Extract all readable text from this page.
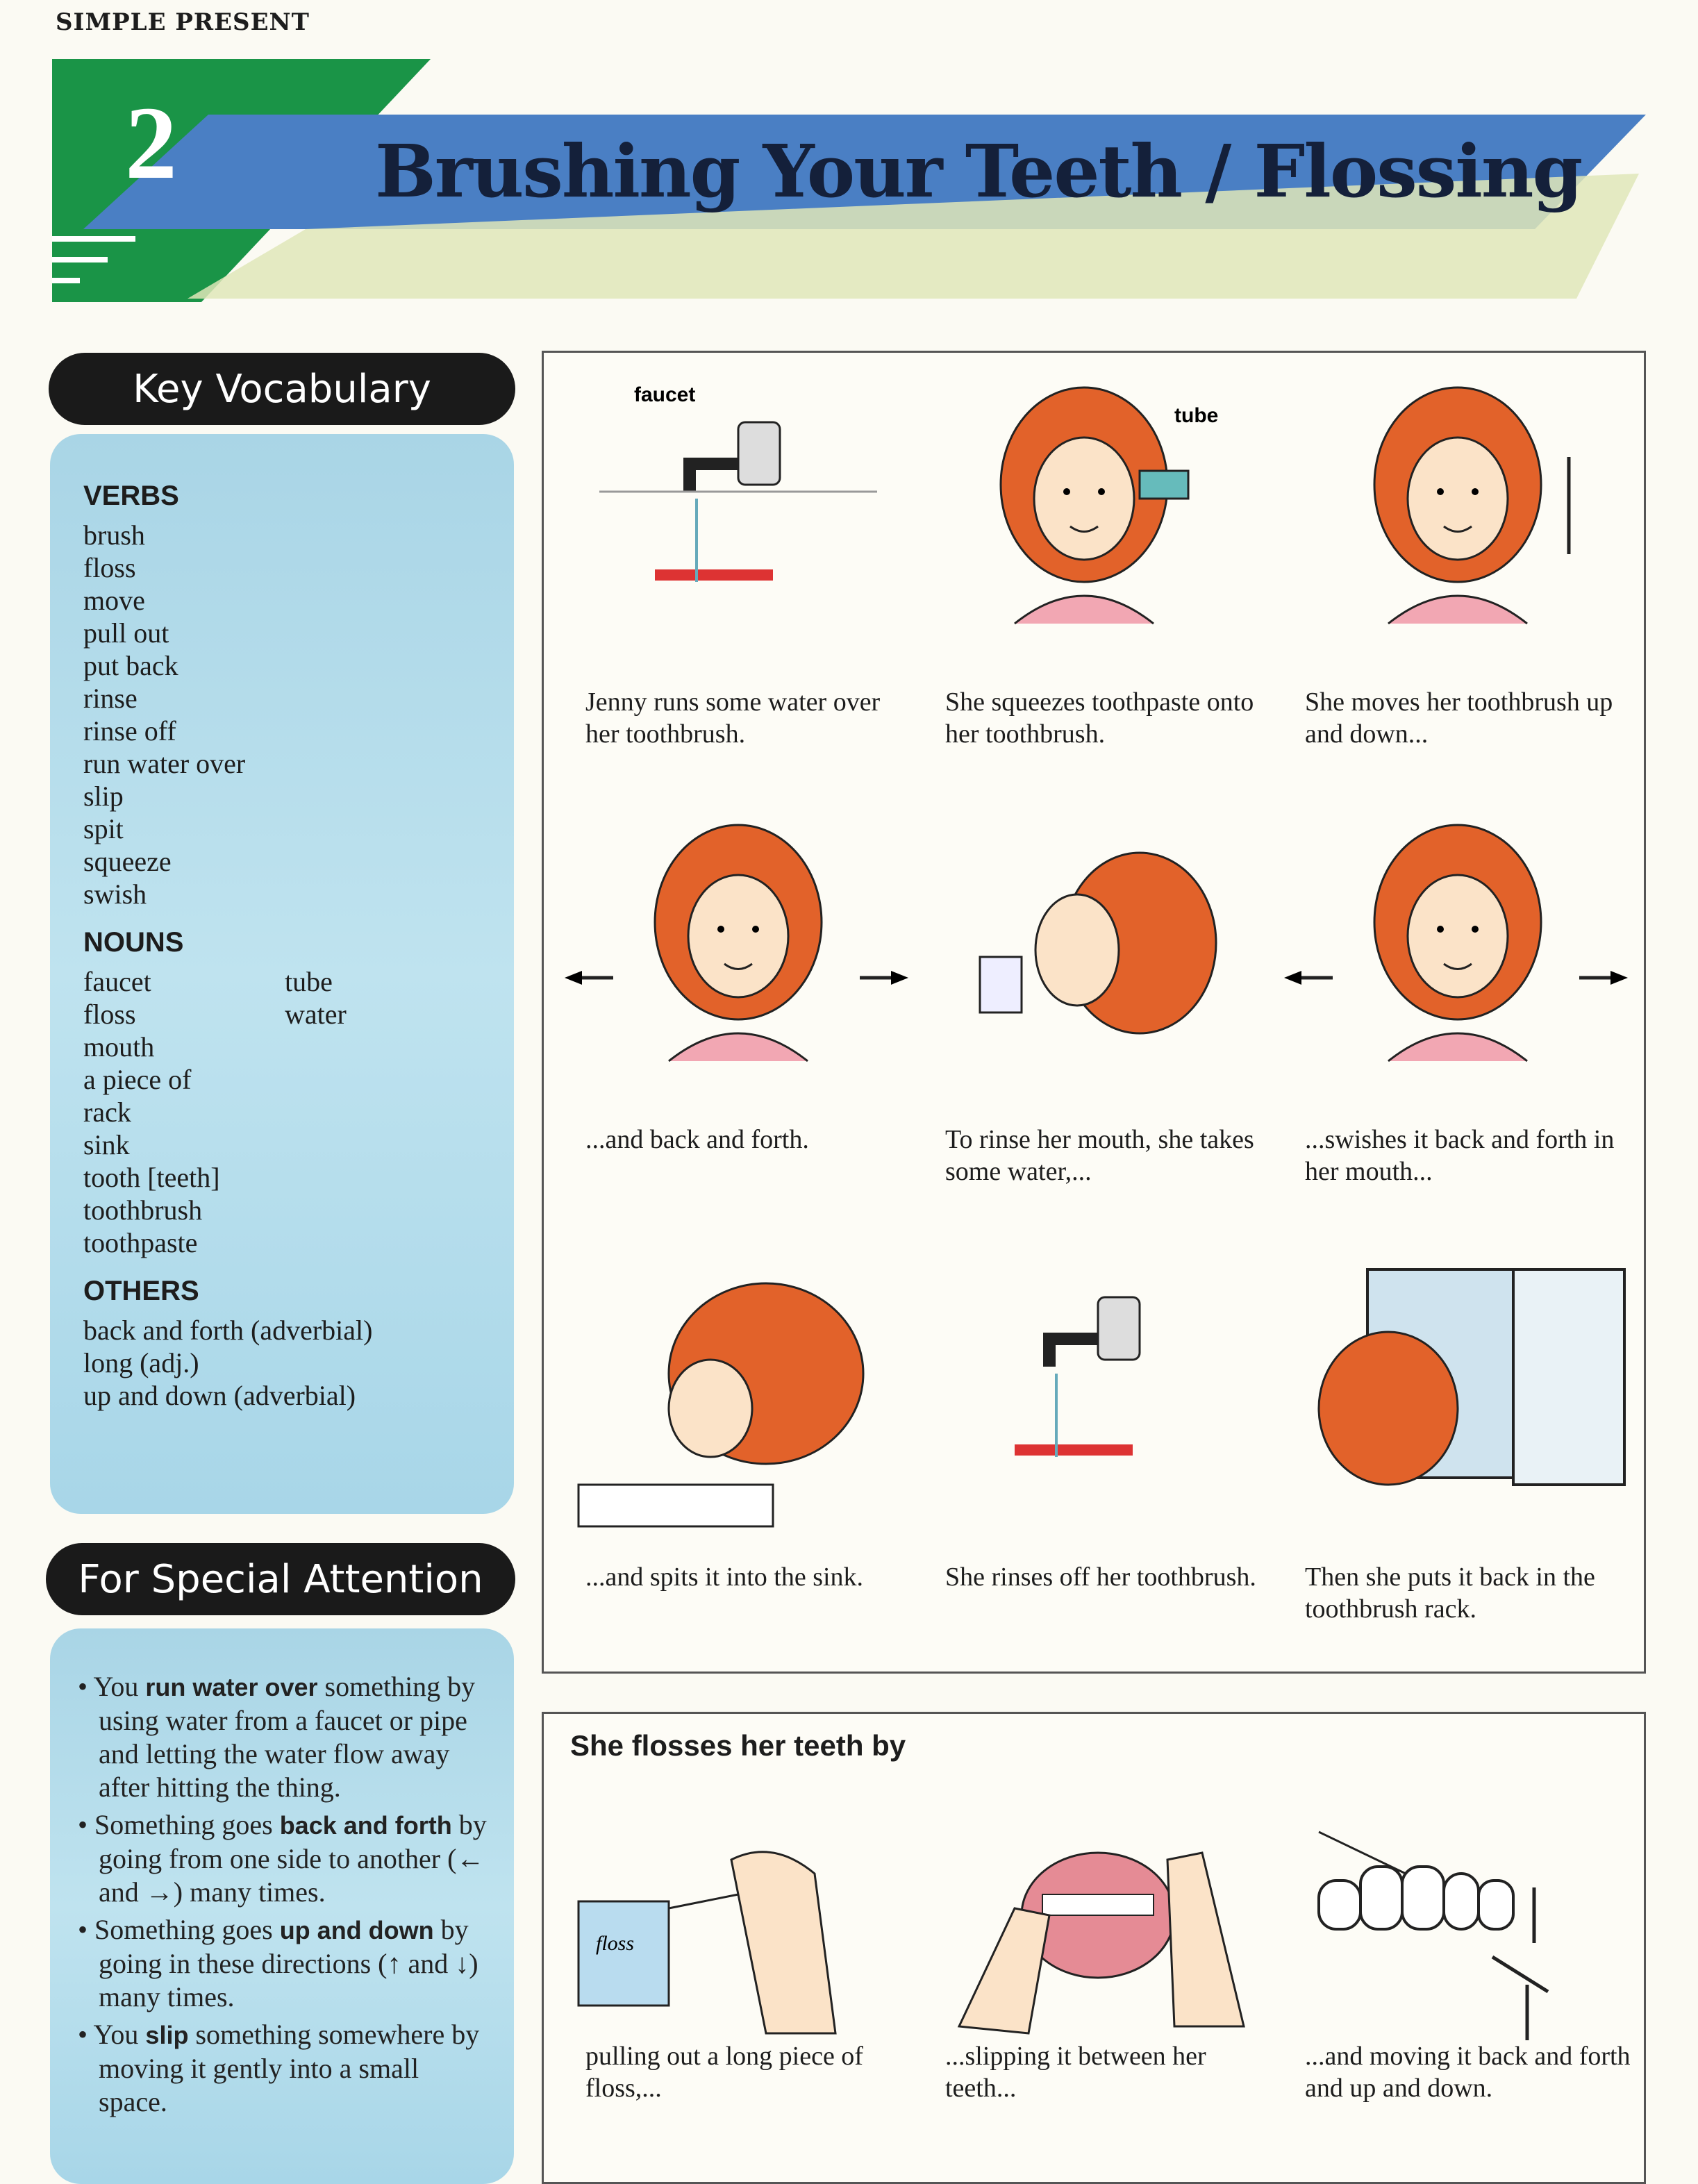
SIMPLE PRESENT
2	Brushing Your Teeth / Flossing
Key Vocabulary
VERBS
brush
floss
move
pull out
put back
rinse
rinse off
run water over
slip
spit
squeeze
swish
NOUNS
faucet	tube
floss	water
mouth
a piece of
rack
sink
tooth [teeth]
toothbrush
toothpaste
OTHERS
back and forth (adverbial)
long (adj.)
up and down (adverbial)
For Special Attention
• You run water over something by using water from a faucet or pipe and letting the water flow away after hitting the thing.
• Something goes back and forth by going from one side to another (← and →) many times.
• Something goes up and down by going in these directions (↑ and ↓) many times.
• You slip something somewhere by moving it gently into a small space.
faucet
Jenny runs some water over her toothbrush.
tube
She squeezes toothpaste onto her toothbrush.
She moves her toothbrush up and down...
...and back and forth.	To rinse her mouth, she takes some water,...
...swishes it back and forth in her mouth...
...and spits it into the sink.	She rinses off her toothbrush.	Then she puts it back in the toothbrush rack.
She flosses her teeth by
floss
pulling out a long piece of floss,...
...slipping it between her teeth...
...and moving it back and forth and up and down.
